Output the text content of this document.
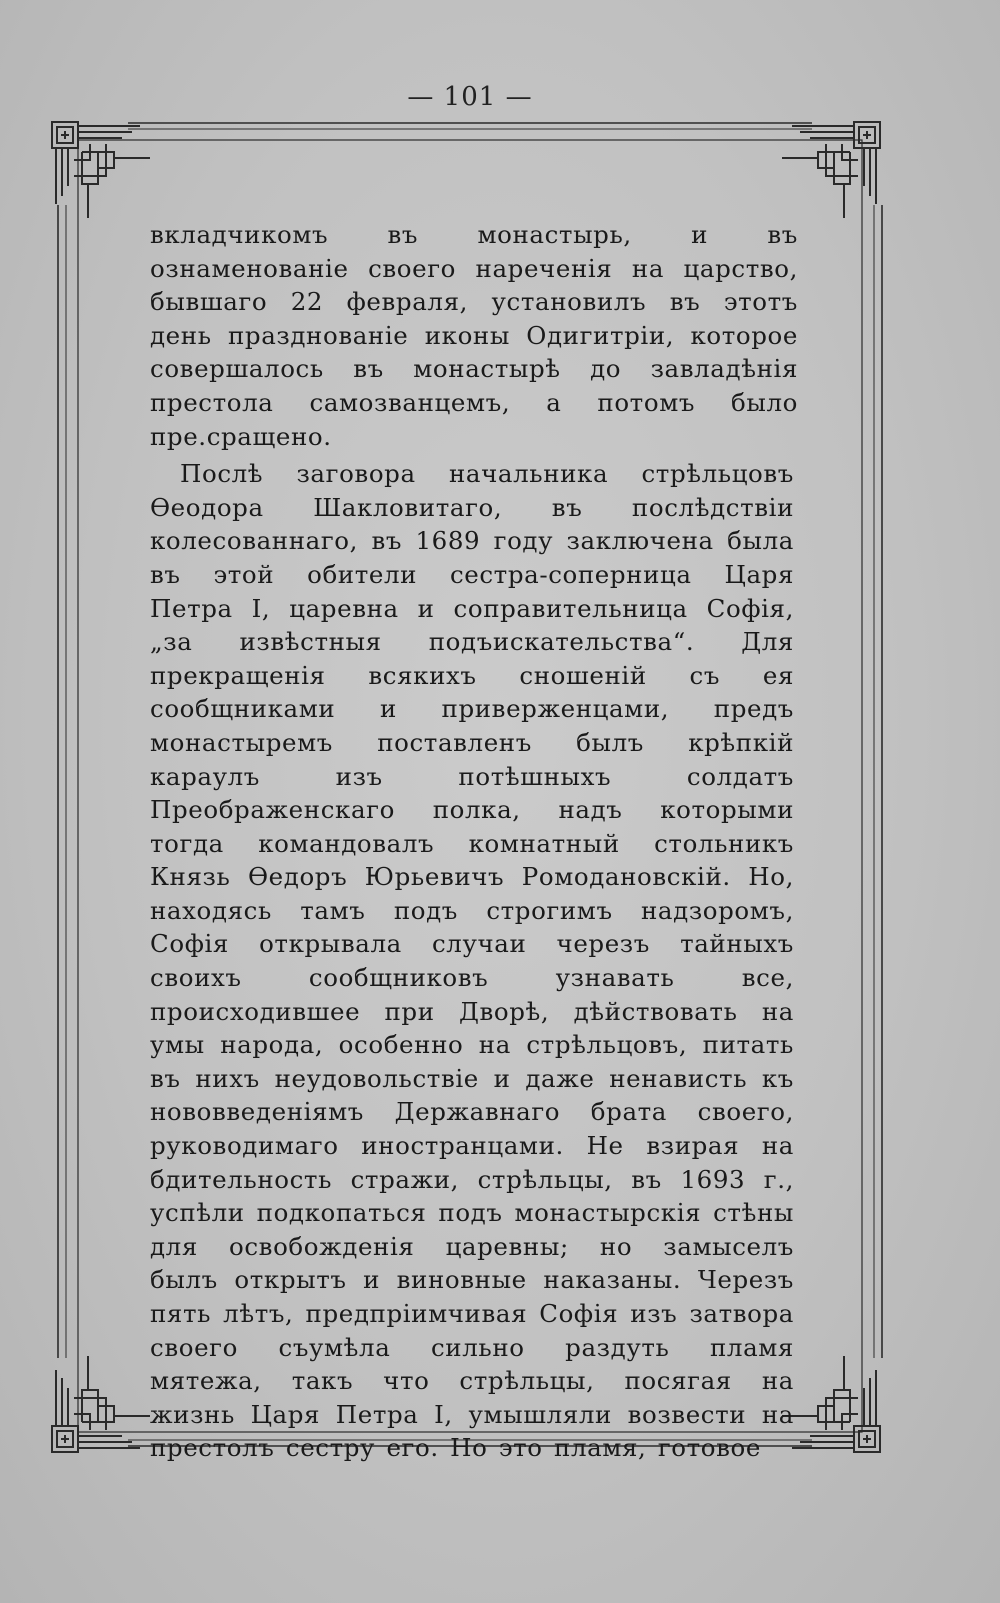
— 101 —

вкладчикомъ въ монастырь, и въ ознаменованіе своего нареченія на царство, бывшаго 22 февраля, установилъ въ этотъ день празднованіе иконы Одигитріи, которое совершалось въ монастырѣ до завладѣнія престола самозванцемъ, а потомъ было пре.сращено.

Послѣ заговора начальника стрѣльцовъ Өеодора Шакловитаго, въ послѣдствіи колесованнаго, въ 1689 году заключена была въ этой обители сестра-соперница Царя Петра I, царевна и соправительница Софія, „за извѣстныя подъискательства“. Для прекращенія всякихъ сношеній съ ея сообщниками и приверженцами, предъ монастыремъ поставленъ былъ крѣпкій караулъ изъ потѣшныхъ солдатъ Преображенскаго полка, надъ которыми тогда командовалъ комнатный стольникъ Князь Өедоръ Юрьевичъ Ромодановскій. Но, находясь тамъ подъ строгимъ надзоромъ, Софія открывала случаи черезъ тайныхъ своихъ сообщниковъ узнавать все, происходившее при Дворѣ, дѣйствовать на умы народа, особенно на стрѣльцовъ, питать въ нихъ неудовольствіе и даже ненависть къ нововведеніямъ Державнаго брата своего, руководимаго иностранцами. Не взирая на бдительность стражи, стрѣльцы, въ 1693 г., успѣли подкопаться подъ монастырскія стѣны для освобожденія царевны; но замыселъ былъ открытъ и виновные наказаны. Черезъ пять лѣтъ, предпріимчивая Софія изъ затвора своего съумѣла сильно раздуть пламя мятежа, такъ что стрѣльцы, посягая на жизнь Царя Петра I, умышляли возвести на престолъ сестру его. Но это пламя, готовое
